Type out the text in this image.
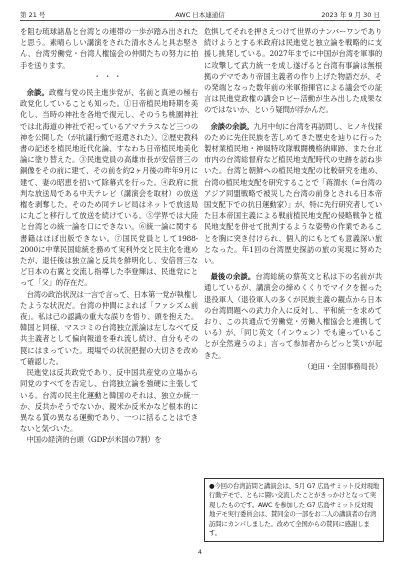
第 21 号	AWC 日本連通信	2023 年 9 月 30 日

を阻む琉球諸島と台湾との連帯の一歩が踏み出されたと思う。素晴らしい講演をされた清水さんと具志堅さん、台湾労働党・台湾人権協会の仲間たちの努力に拍手を送ります。

・・・

余談。政権与党の民主進歩党が、名前と真逆の極右政党化していることも知った。①日帝植民地時期を美化し、当時の神社を各地で復元し、そのうち桃園神社では北海道の神社で祀っているアマテラスなど三つの神を公開した（が抗議行動で返還された）。②歴史教科書の記述を植民地近代化論、すなわち日帝植民地美化論に塗り替えた。③民進党員の高雄市長が安倍晋三の銅像をその前に建て、その前を約2ヶ月後の昨年9月に建て、妻の昭恵を招いて除幕式を行った。④政府に批判な放送局である中天テレビ（講演会を取材）の放送権を剥奪した。そのため同テレビ局はネットで放送局に丸ごと移行して放送を続けている。⑤学界では大陸と台湾との統一論を口にできない。⑥統一論に関する書籍はほぼ出版できない。⑦国民党員として1988-2000に中華民国総統を務めて実利外交と民主化を進めたが、退任後は独立論と反共を鮮明化し、安倍晋三など日本の右翼と交流し指導した李登輝は、民進党にとって「父」的存在だ。

台湾の政治状況は一言で言って、日本第一党が執権したような状況だ。台湾の仲間によれば「ファシズム前夜」。私は己の認識の重大な誤りを悟り、頭を抱えた。韓国と同様、マスコミの台湾独立派論は左しなべて反共主義者として偏向報道を垂れ流し続け、自分もその罠にはまっていた。現場での状況把握の大切さを改めて確認した。

民進党は反共政党であり、反中国共産党の立場から同党のすべてを否定し、台湾独立論を強硬に主張している。台湾の民主化運動と韓国のそれは、独立か統一か、反共かそうでないか、親米か反米かなど根本的に異なる質の異なる運動であり、一つに括ることはできないと気づいた。

中国の経済的台頭（GDPが米国の7割）を

危惧してそれを押さえつけて世界のナンバーワンであり続けようとする米政府は民進党と独立論を戦略的に支援し挑発している。2027年までに中国が台湾を軍事的に攻撃して武力統一を成し遂げると台湾有事論は無根拠のデマであり帝国主義者の作り上げた物語だが、その発端となった数年前の米軍指揮官による議会での証言は民進党政権の講会ロビー活動が生み出した成果なのではないか、という疑問が浮かんだ。

余談の余談。九月中旬に台湾を再訪問し、ヒノキ伐採のために先住民族を苦しめてきた歴史を辿りに行った製材業植民地・神風特攻隊戦闘機格納庫跡、また台北市内の台湾総督府など植民地支配時代の史跡を訪ね歩いた。台湾と朝鮮への植民地支配の比較研究を進め、台湾の植民地支配を研究することで「蒋渭水（=台湾のアジア同盟戦略で被災した台湾の前身とされる日本帝国支配下での抗日運動家）」が、特に先行研究者していた日本帝国主義による戦前植民地支配の侵略戦争と植民地支配を併せて批判するような姿勢の作業であることを胸に突き付けられ、個人的にもとても意義深い旅となった。年1回の台湾歴史探訪の旅の実現に努めたい。

最後の余談。台湾総統の蔡英文と私は下の名前が共通しているが、講演会の締めくくりでマイクを握った退役軍人（退役軍人の多くが民族主義の観点から日本の台湾問題への武力介入に反対し、平和統一を求めており、この共通点で労働党・労働人権協会と連携している）が、「同じ英文（インウェン）でも違っていることが全然違うのよ」言って参加者からどっと笑いが起きた。

（迫田・全国事務局長）

●今回の台湾訪問と講演会は、5月 G7 広島サミット反対現地行動デモで、ともに闘い交流したことがきっかけとなって実現したものです。AWC を参加した G7 広島サミット反対現地デモ実行委員会は、賛同金の一部をお二人の講演者の台湾訪問にカンパしました。改めて全国からの賛同に感謝します。
4
